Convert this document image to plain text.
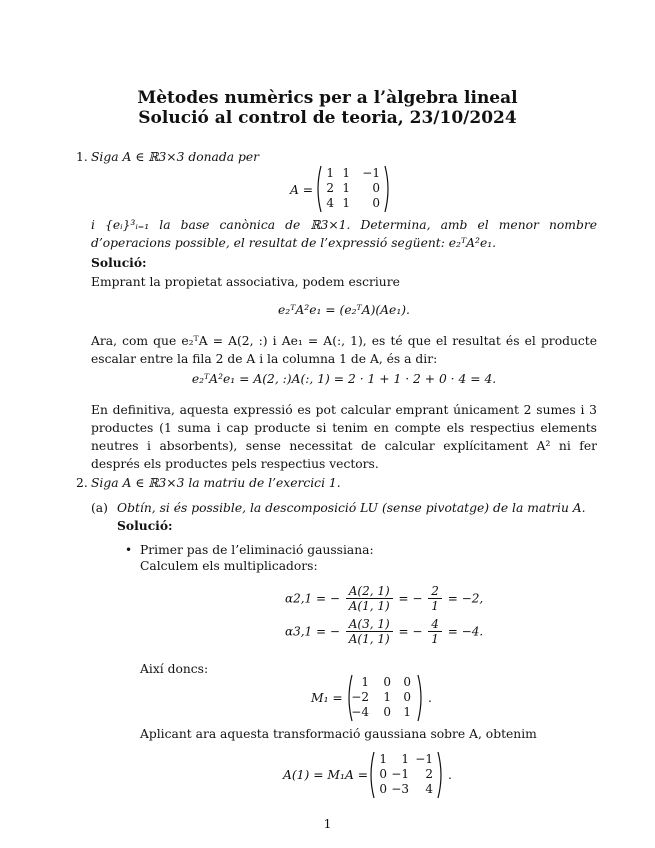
Mètodes numèrics per a l’àlgebra lineal
Solució al control de teoria, 23/10/2024
1. Siga A ∈ ℝ3×3 donada per
A =
1 1 −1
2 1	0
4 1	0
i {eᵢ}³ᵢ₌₁ la base canònica de ℝ3×1. Determina, amb el menor nombre d’operacions possible, el resultat de l’expressió següent: e₂ᵀA²e₁.
Solució:
Emprant la propietat associativa, podem escriure
e₂ᵀA²e₁ = (e₂ᵀA)(Ae₁).
Ara, com que e₂ᵀA = A(2, :) i Ae₁ = A(:, 1), es té que el resultat és el producte escalar entre la fila 2 de A i la columna 1 de A, és a dir:
e₂ᵀA²e₁ = A(2, :)A(:, 1) = 2 · 1 + 1 · 2 + 0 · 4 = 4.
En definitiva, aquesta expressió es pot calcular emprant únicament 2 sumes i 3 productes (1 suma i cap producte si tenim en compte els respectius elements neutres i absorbents), sense necessitat de calcular explícitament A² ni fer després els productes pels respectius vectors.
2. Siga A ∈ ℝ3×3 la matriu de l’exercici 1.
(a) Obtín, si és possible, la descomposició LU (sense pivotatge) de la matriu A.
Solució:
• Primer pas de l’eliminació gaussiana:
Calculem els multiplicadors:
α2,1 = − $\frac{A(2, 1)}{A(1, 1)}$ = − $\frac{2}{1} = -2$,
α3,1 = − $\frac{A(3, 1)}{A(1, 1)}$ = − $\frac{4}{1} = -4$.
Així doncs:
M₁ =
1	0	0
−2	1	0
−4	0	1
.
Aplicant ara aquesta transformació gaussiana sobre A, obtenim
A(1) = M₁A =
1	1 −1
0 −1	2
0 −3	4
.
1
